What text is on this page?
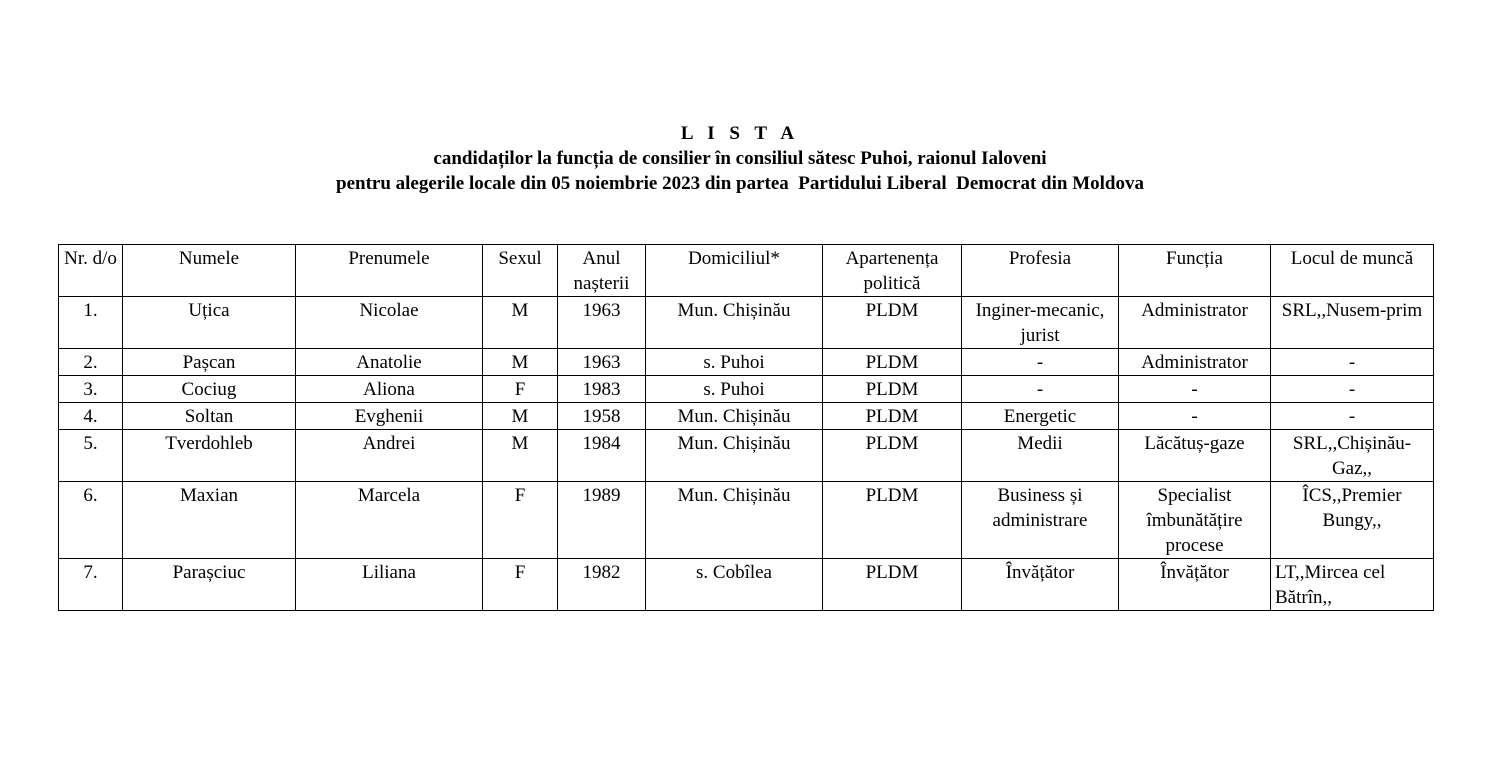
L I S T A
candidaților la funcția de consilier în consiliul sătesc Puhoi, raionul Ialoveni
pentru alegerile locale din 05 noiembrie 2023 din partea  Partidului Liberal  Democrat din Moldova
Nr. d/o	Numele	Prenumele	Sexul	Anul nașterii	Domiciliul*	Apartenența politică	Profesia	Funcția	Locul de muncă
1.	Uțica	Nicolae	M	1963	Mun. Chișinău	PLDM	Inginer-mecanic, jurist	Administrator	SRL,,Nusem-prim
2.	Pașcan	Anatolie	M	1963	s. Puhoi	PLDM	-	Administrator	-
3.	Cociug	Aliona	F	1983	s. Puhoi	PLDM	-	-	-
4.	Soltan	Evghenii	M	1958	Mun. Chișinău	PLDM	Energetic	-	-
5.	Tverdohleb	Andrei	M	1984	Mun. Chișinău	PLDM	Medii	Lăcătuș-gaze	SRL,,Chișinău-Gaz,,
6.	Maxian	Marcela	F	1989	Mun. Chișinău	PLDM	Business și administrare	Specialist îmbunătățire procese	ÎCS,,Premier Bungy,,
7.	Parașciuc	Liliana	F	1982	s. Cobîlea	PLDM	Învățător	Învățător	LT,,Mircea cel Bătrîn,,
